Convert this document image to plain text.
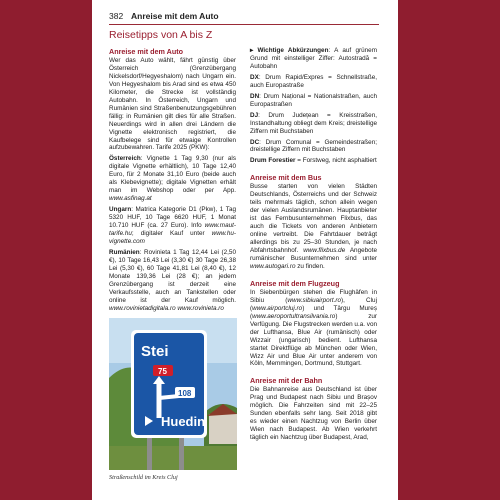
382 Anreise mit dem Auto
Reisetipps von A bis Z
Anreise mit dem Auto

Wer das Auto wählt, fährt günstig über Österreich (Grenzübergang Nickelsdorf/Hegyeshalom) nach Ungarn ein. Von Hegyeshalom bis Arad sind es etwa 450 Kilometer, die Strecke ist vollständig Autobahn. In Österreich, Ungarn und Rumänien sind Straßenbenutzungsgebühren fällig: in Rumänien gilt dies für alle Straßen. Neuerdings wird in allen drei Ländern die Vignette elektronisch registriert, die Kaufbelege sind für etwaige Kontrollen aufzubewahren. Tarife 2025 (PKW):

Österreich: Vignette 1 Tag 9,30 (nur als digitale Vignette erhältlich), 10 Tage 12,40 Euro, für 2 Monate 31,10 Euro (beide auch als Klebevignette); digitale Vignetten erhält man im Webshop oder per App. www.asfinag.at

Ungarn: Matrica Kategorie D1 (Pkw), 1 Tag 5320 HUF, 10 Tage 6620 HUF, 1 Monat 10.710 HUF (ca. 27 Euro). Info www.maut-tarife.hu; digitaler Kauf unter www.hu-vignette.com

Rumänien: Rovinieta 1 Tag 12,44 Lei (2,50 €), 10 Tage 16,43 Lei (3,30 €) 30 Tage 26,38 Lei (5,30 €), 60 Tage 41,81 Lei (8,40 €), 12 Monate 139,36 Lei (28 €); an jedem Grenzübergang ist derzeit eine Verkaufsstelle, auch an Tankstellen oder online ist der Kauf möglich. www.rovinietadigitala.ro www.rovinieta.ro

Stei
75
108
Huedin
Straßenschild im Kreis Cluj

▸ Wichtige Abkürzungen: A auf grünem Grund mit einstelliger Ziffer: Autostradă = Autobahn

DX: Drum Rapid/Expres = Schnellstraße, auch Europastraße

DN: Drum Național = Nationalstraßen, auch Europastraßen

DJ: Drum Județean = Kreisstraßen, Instandhaltung obliegt dem Kreis; dreistellige Ziffern mit Buchstaben

DC: Drum Comunal = Gemeindestraßen; dreistellige Ziffern mit Buchstaben

Drum Forestier = Forstweg, nicht asphaltiert

Anreise mit dem Bus

Busse starten von vielen Städten Deutschlands, Österreichs und der Schweiz teils mehrmals täglich, schon allein wegen der vielen Auslandsrumänen. Hauptanbieter ist das Fernbusunternehmen Flixbus, das auch die Tickets von anderen Anbietern online vertreibt. Die Fahrtdauer beträgt allerdings bis zu 25–30 Stunden, je nach Abfahrtsbahnhof. www.flixbus.de Angebote rumänischer Busunternehmen sind unter www.autogari.ro zu finden.

Anreise mit dem Flugzeug

In Siebenbürgen stehen die Flughäfen in Sibiu (www.sibiuairport.ro), Cluj (www.airportcluj.ro) und Târgu Mureș (www.aeroportultransilvania.ro) zur Verfügung. Die Flugstrecken werden u.a. von der Lufthansa, Blue Air (rumänisch) oder Wizzair (ungarisch) bedient. Lufthansa startet Direktflüge ab München oder Wien, Wizz Air und Blue Air unter anderem von Köln, Memmingen, Dortmund, Stuttgart.

Anreise mit der Bahn

Die Bahnanreise aus Deutschland ist über Prag und Budapest nach Sibiu und Brașov möglich. Die Fahrzeiten sind mit 22–25 Sunden ebenfalls sehr lang. Seit 2018 gibt es wieder einen Nachtzug von Berlin über Wien nach Budapest. Ab Wien verkehrt täglich ein Nachtzug über Budapest, Arad,
